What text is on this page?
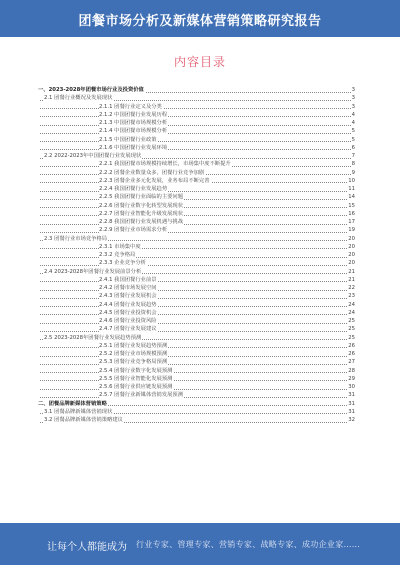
团餐市场分析及新媒体营销策略研究报告
内容目录
一、2023-2028年团餐市场行业及投资价值	3
2.1 团餐行业概况及发展现状	3
2.1.1 团餐行业定义及分类	3
2.1.2 中国团餐行业发展历程	4
2.1.3 中国团餐市场规模分析	4
2.1.4 中国团餐市场规模分析	5
2.1.5 中国团餐行业政策	5
2.1.6 中国团餐行业发展环境	6
2.2 2022-2023年中国团餐行业发展现状	7
2.2.1 我国团餐市场规模持续增长，市场集中度不断提升	8
2.2.2 团餐企业数量众多，团餐行业竞争加剧	9
2.2.3 团餐企业多元化发展，业务布局不断完善	10
2.2.4 我国团餐行业发展趋势	11
2.2.5 我国团餐行业面临的主要问题	14
2.2.6 团餐行业数字化转型发展现状	15
2.2.7 团餐行业智能化升级发展现状	16
2.2.8 我国团餐行业发展机遇与挑战	17
2.2.9 团餐行业市场需求分析	19
2.3 团餐行业市场竞争格局	20
2.3.1 市场集中度	20
2.3.2 竞争格局	20
2.3.3 企业竞争分析	20
2.4 2023-2028年团餐行业发展前景分析	21
2.4.1 我国团餐行业前景	21
2.4.2 团餐市场发展空间	22
2.4.3 团餐行业发展机会	23
2.4.4 团餐行业发展趋势	24
2.4.5 团餐行业投资机会	24
2.4.6 团餐行业投资风险	25
2.4.7 团餐行业发展建议	25
2.5 2023-2028年团餐行业发展趋势预测	25
2.5.1 团餐行业发展趋势预测	26
2.5.2 团餐行业市场规模预测	26
2.5.3 团餐行业竞争格局预测	27
2.5.4 团餐行业数字化发展预测	28
2.5.5 团餐行业智能化发展预测	29
2.5.6 团餐行业供应链发展预测	30
2.5.7 团餐行业新媒体营销发展预测	31
二、团餐品牌新媒体营销策略	31
3.1 团餐品牌新媒体营销现状	31
3.2 团餐品牌新媒体营销策略建议	32
让每个人都能成为 行业专家、管理专家、营销专家、战略专家、成功企业家……
